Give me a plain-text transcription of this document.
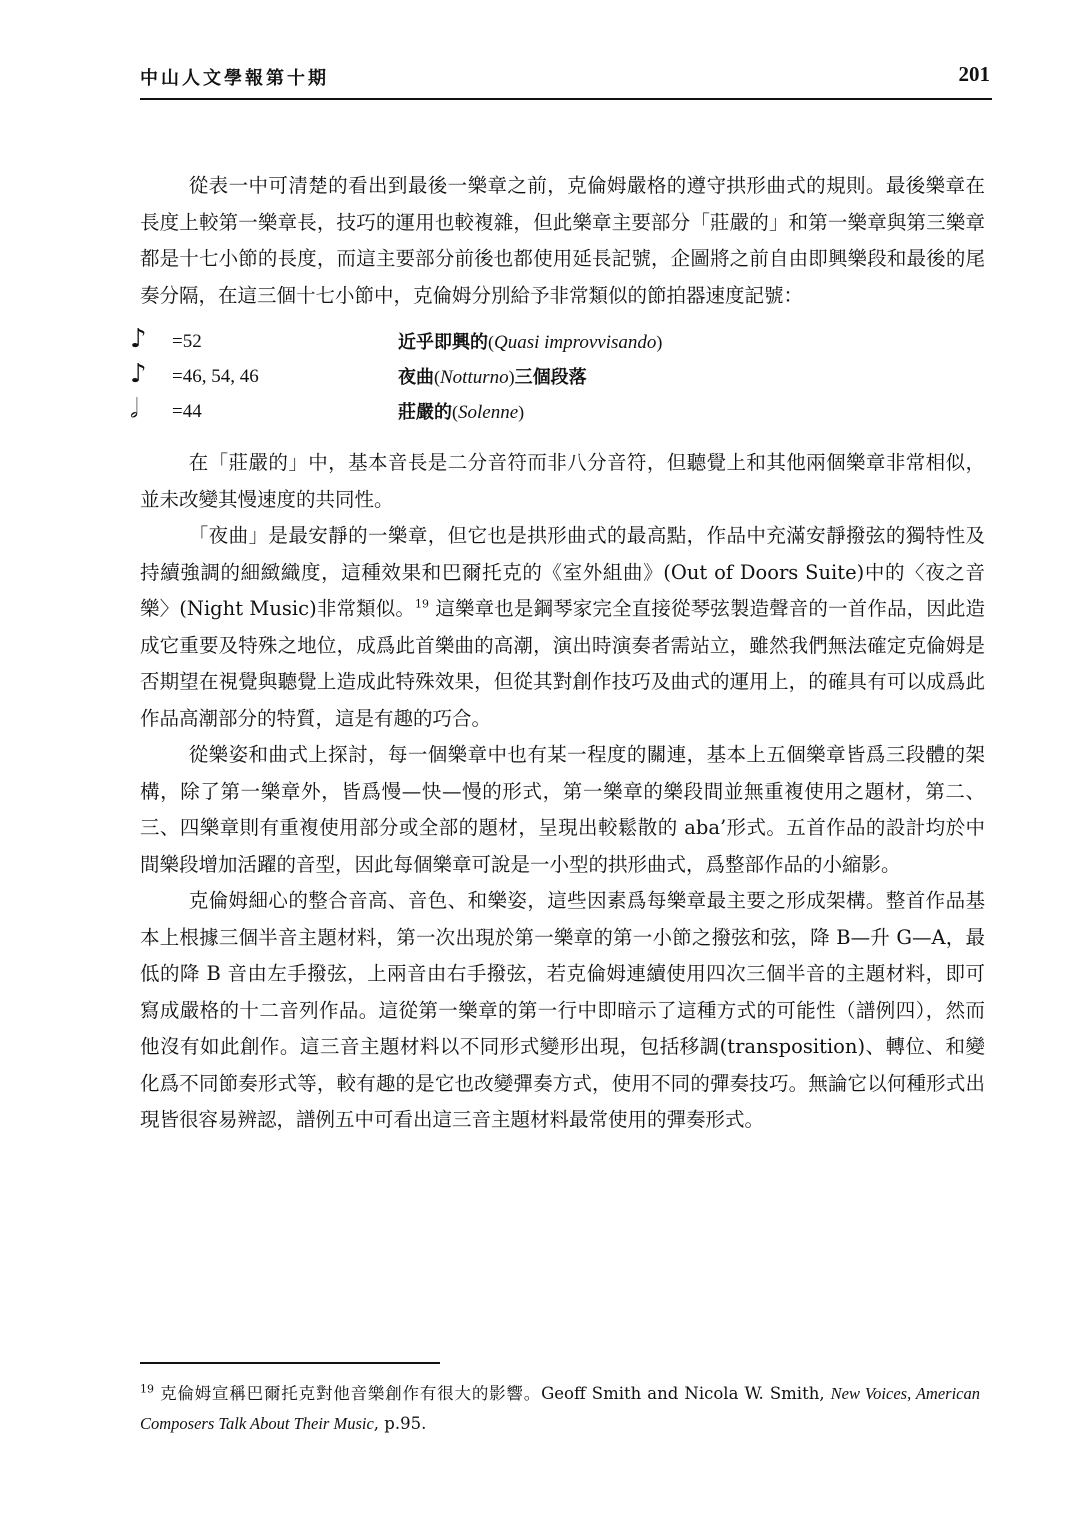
中山人文學報第十期	201

從表一中可清楚的看出到最後一樂章之前，克倫姆嚴格的遵守拱形曲式的規則。最後樂章在長度上較第一樂章長，技巧的運用也較複雜，但此樂章主要部分「莊嚴的」和第一樂章與第三樂章都是十七小節的長度，而這主要部分前後也都使用延長記號，企圖將之前自由即興樂段和最後的尾奏分隔，在這三個十七小節中，克倫姆分別給予非常類似的節拍器速度記號：

♪ =52	近乎即興的(Quasi improvvisando)
♪ =46, 54, 46	夜曲(Notturno)三個段落
𝅗𝅥 =44	莊嚴的(Solenne)

在「莊嚴的」中，基本音長是二分音符而非八分音符，但聽覺上和其他兩個樂章非常相似，並未改變其慢速度的共同性。

「夜曲」是最安靜的一樂章，但它也是拱形曲式的最高點，作品中充滿安靜撥弦的獨特性及持續強調的細緻織度，這種效果和巴爾托克的《室外組曲》(Out of Doors Suite)中的〈夜之音樂〉(Night Music)非常類似。$^{19}$ 這樂章也是鋼琴家完全直接從琴弦製造聲音的一首作品，因此造成它重要及特殊之地位，成爲此首樂曲的高潮，演出時演奏者需站立，雖然我們無法確定克倫姆是否期望在視覺與聽覺上造成此特殊效果，但從其對創作技巧及曲式的運用上，的確具有可以成爲此作品高潮部分的特質，這是有趣的巧合。

從樂姿和曲式上探討，每一個樂章中也有某一程度的關連，基本上五個樂章皆爲三段體的架構，除了第一樂章外，皆爲慢—快—慢的形式，第一樂章的樂段間並無重複使用之題材，第二、三、四樂章則有重複使用部分或全部的題材，呈現出較鬆散的 aba’形式。五首作品的設計均於中間樂段增加活躍的音型，因此每個樂章可說是一小型的拱形曲式，爲整部作品的小縮影。

克倫姆細心的整合音高、音色、和樂姿，這些因素爲每樂章最主要之形成架構。整首作品基本上根據三個半音主題材料，第一次出現於第一樂章的第一小節之撥弦和弦，降 B—升 G—A，最低的降 B 音由左手撥弦，上兩音由右手撥弦，若克倫姆連續使用四次三個半音的主題材料，即可寫成嚴格的十二音列作品。這從第一樂章的第一行中即暗示了這種方式的可能性（譜例四），然而他沒有如此創作。這三音主題材料以不同形式變形出現，包括移調(transposition)、轉位、和變化爲不同節奏形式等，較有趣的是它也改變彈奏方式，使用不同的彈奏技巧。無論它以何種形式出現皆很容易辨認，譜例五中可看出這三音主題材料最常使用的彈奏形式。

$^{19}$ 克倫姆宣稱巴爾托克對他音樂創作有很大的影響。Geoff Smith and Nicola W. Smith, New Voices, American Composers Talk About Their Music, p.95.
